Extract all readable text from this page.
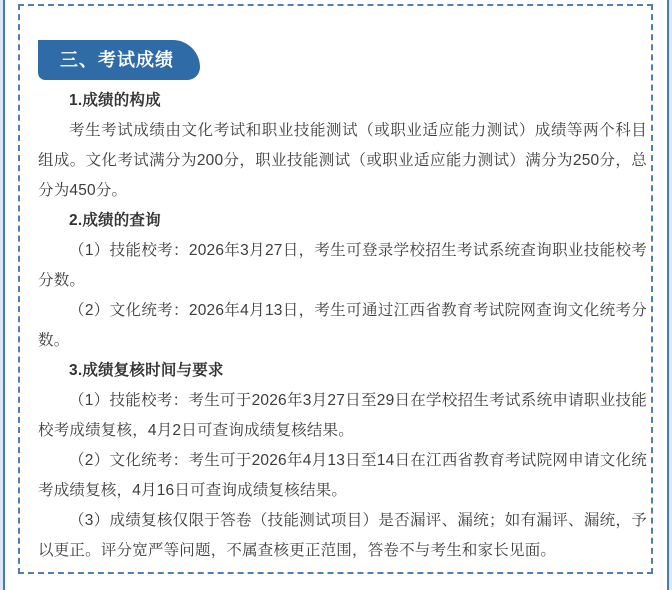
三、考试成绩

1.成绩的构成

考生考试成绩由文化考试和职业技能测试（或职业适应能力测试）成绩等两个科目组成。文化考试满分为200分，职业技能测试（或职业适应能力测试）满分为250分，总分为450分。

2.成绩的查询

（1）技能校考：2026年3月27日，考生可登录学校招生考试系统查询职业技能校考分数。

（2）文化统考：2026年4月13日，考生可通过江西省教育考试院网查询文化统考分数。

3.成绩复核时间与要求

（1）技能校考：考生可于2026年3月27日至29日在学校招生考试系统申请职业技能校考成绩复核，4月2日可查询成绩复核结果。

（2）文化统考：考生可于2026年4月13日至14日在江西省教育考试院网申请文化统考成绩复核，4月16日可查询成绩复核结果。

（3）成绩复核仅限于答卷（技能测试项目）是否漏评、漏统；如有漏评、漏统，予以更正。评分宽严等问题，不属查核更正范围，答卷不与考生和家长见面。
